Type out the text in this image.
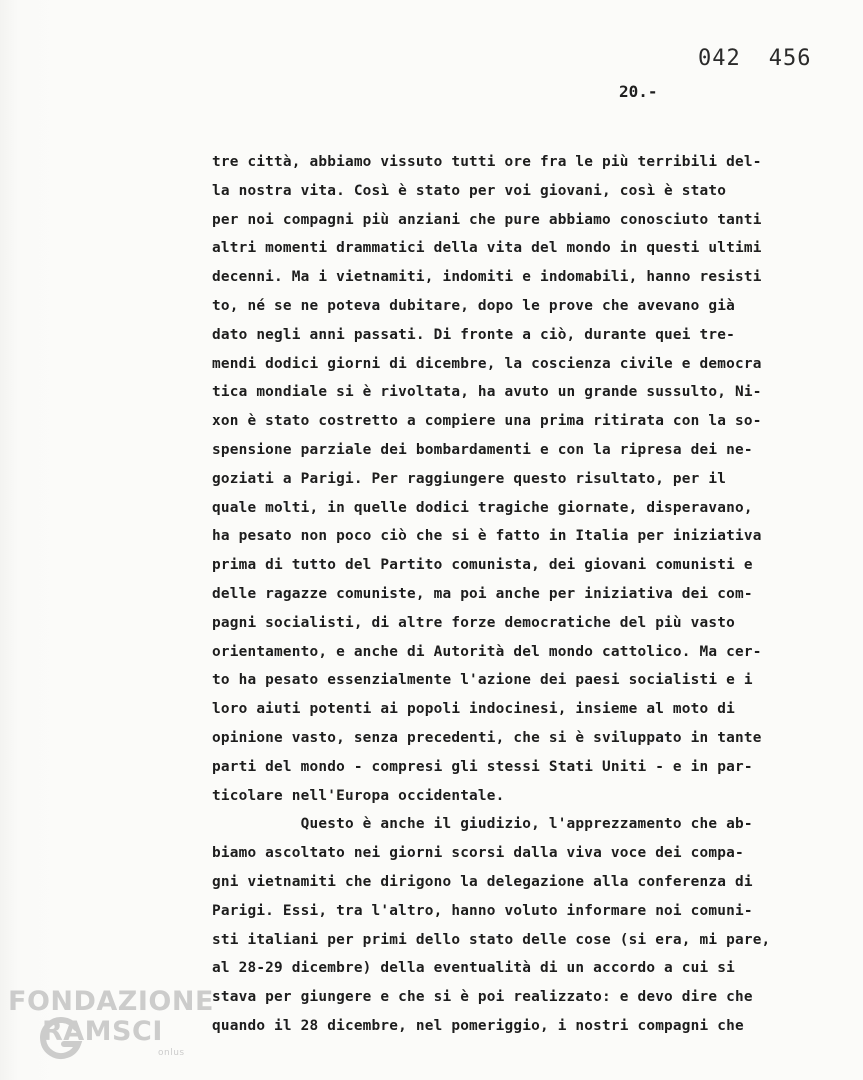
042 456
20.-
tre città, abbiamo vissuto tutti ore fra le più terribili del-
la nostra vita. Così è stato per voi giovani, così è stato
per noi compagni più anziani che pure abbiamo conosciuto tanti
altri momenti drammatici della vita del mondo in questi ultimi
decenni. Ma i vietnamiti, indomiti e indomabili, hanno resisti
to, né se ne poteva dubitare, dopo le prove che avevano già
dato negli anni passati. Di fronte a ciò, durante quei tre-
mendi dodici giorni di dicembre, la coscienza civile e democra
tica mondiale si è rivoltata, ha avuto un grande sussulto, Ni-
xon è stato costretto a compiere una prima ritirata con la so-
spensione parziale dei bombardamenti e con la ripresa dei ne-
goziati a Parigi. Per raggiungere questo risultato, per il
quale molti, in quelle dodici tragiche giornate, disperavano,
ha pesato non poco ciò che si è fatto in Italia per iniziativa
prima di tutto del Partito comunista, dei giovani comunisti e
delle ragazze comuniste, ma poi anche per iniziativa dei com-
pagni socialisti, di altre forze democratiche del più vasto
orientamento, e anche di Autorità del mondo cattolico. Ma cer-
to ha pesato essenzialmente l'azione dei paesi socialisti e i
loro aiuti potenti ai popoli indocinesi, insieme al moto di
opinione vasto, senza precedenti, che si è sviluppato in tante
parti del mondo - compresi gli stessi Stati Uniti - e in par-
ticolare nell'Europa occidentale.
Questo è anche il giudizio, l'apprezzamento che ab-
biamo ascoltato nei giorni scorsi dalla viva voce dei compa-
gni vietnamiti che dirigono la delegazione alla conferenza di
Parigi. Essi, tra l'altro, hanno voluto informare noi comuni-
sti italiani per primi dello stato delle cose (si era, mi pare,
al 28-29 dicembre) della eventualità di un accordo a cui si
stava per giungere e che si è poi realizzato: e devo dire che
quando il 28 dicembre, nel pomeriggio, i nostri compagni che
FONDAZIONE
RAMSCI
onlus
